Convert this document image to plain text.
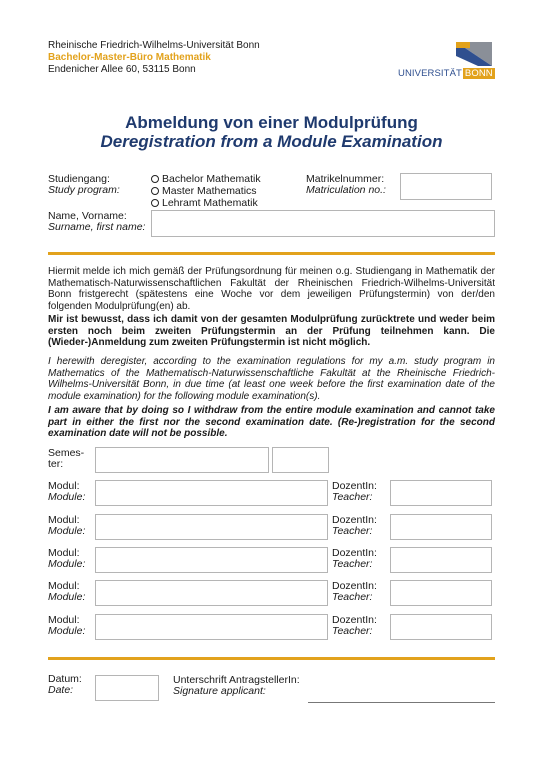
Rheinische Friedrich-Wilhelms-Universität Bonn
Bachelor-Master-Büro Mathematik
Endenicher Allee 60, 53115 Bonn	UNIVERSITÄT BONN
Abmeldung von einer Modulprüfung
Deregistration from a Module Examination
Studiengang:
Study program:
Bachelor Mathematik
Master Mathematics
Lehramt Mathematik
Matrikelnummer:
Matriculation no.:
Name, Vorname:
Surname, first name:
Hiermit melde ich mich gemäß der Prüfungsordnung für meinen o.g. Studiengang in Mathematik der Mathematisch-Naturwissenschaftlichen Fakultät der Rheinischen Friedrich-Wilhelms-Universität Bonn fristgerecht (spätestens eine Woche vor dem jeweiligen Prüfungstermin) von der/den folgenden Modulprüfung(en) ab.
Mir ist bewusst, dass ich damit von der gesamten Modulprüfung zurücktrete und weder beim ersten noch beim zweiten Prüfungstermin an der Prüfung teilnehmen kann. Die (Wieder-)Anmeldung zum zweiten Prüfungstermin ist nicht möglich.
I herewith deregister, according to the examination regulations for my a.m. study program in Mathematics of the Mathematisch-Naturwissenschaftliche Fakultät at the Rheinische Friedrich-Wilhelms-Universität Bonn, in due time (at least one week before the first examination date of the module examination) for the following module examination(s).
I am aware that by doing so I withdraw from the entire module examination and cannot take part in either the first nor the second examination date. (Re-)registration for the second examination date will not be possible.
Semes-
ter:
Modul:
Module:
DozentIn:
Teacher:
Modul:
Module:
DozentIn:
Teacher:
Modul:
Module:
DozentIn:
Teacher:
Modul:
Module:
DozentIn:
Teacher:
Modul:
Module:
DozentIn:
Teacher:
Datum:
Date:
Unterschrift AntragstellerIn:
Signature applicant:
